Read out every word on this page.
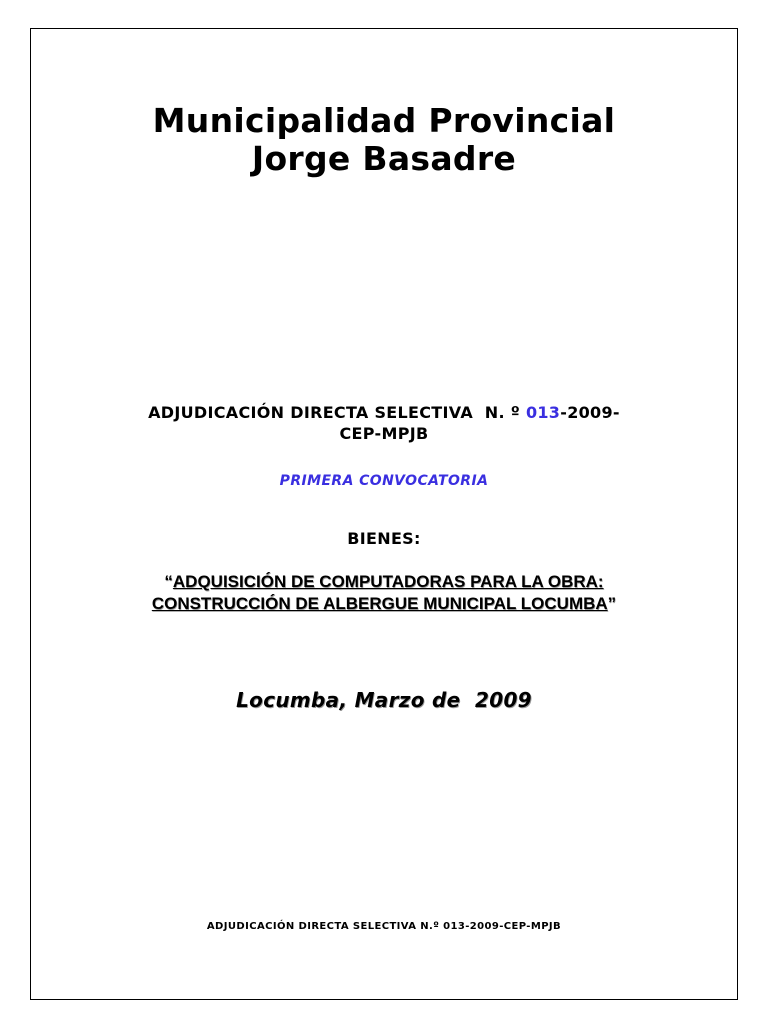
Municipalidad Provincial
Jorge Basadre
ADJUDICACIÓN DIRECTA SELECTIVA  N. º 013-2009-
CEP-MPJB
PRIMERA CONVOCATORIA
BIENES:
“ADQUISICIÓN DE COMPUTADORAS PARA LA OBRA:
CONSTRUCCIÓN DE ALBERGUE MUNICIPAL LOCUMBA”
Locumba, Marzo de  2009
ADJUDICACIÓN DIRECTA SELECTIVA N.º 013-2009-CEP-MPJB
